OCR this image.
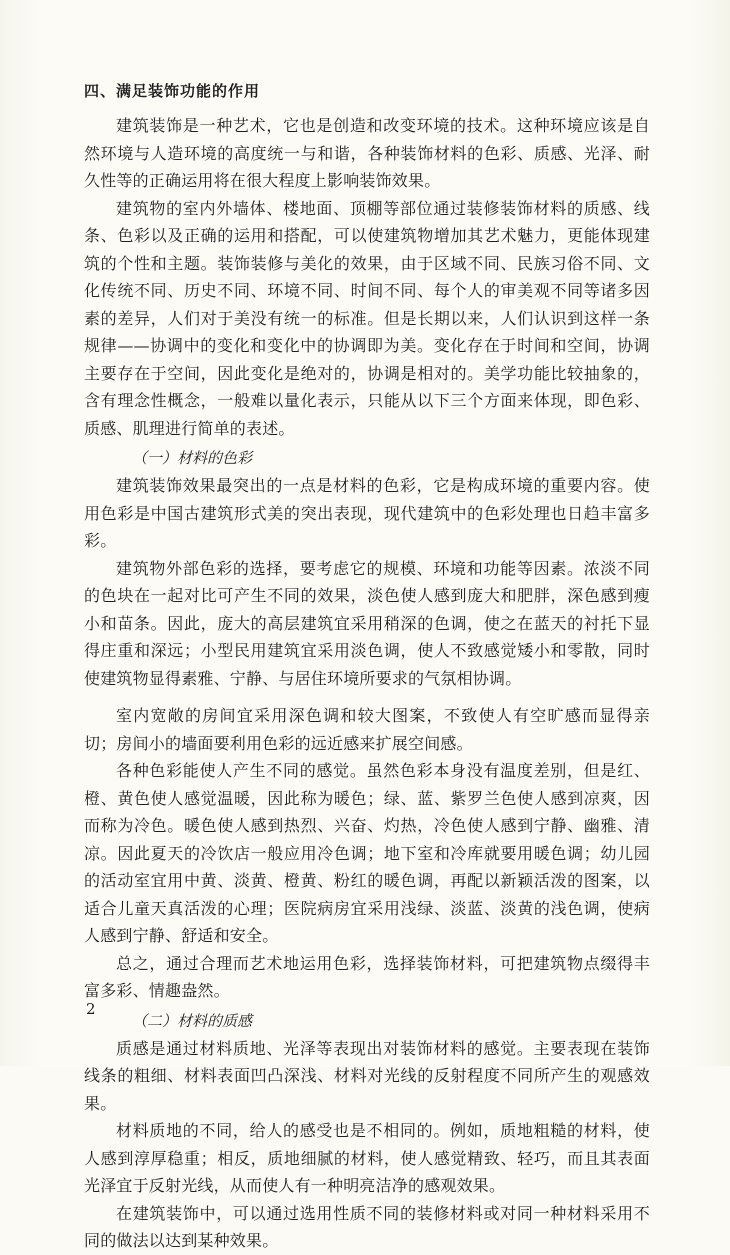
四、满足装饰功能的作用

建筑装饰是一种艺术，它也是创造和改变环境的技术。这种环境应该是自然环境与人造环境的高度统一与和谐，各种装饰材料的色彩、质感、光泽、耐久性等的正确运用将在很大程度上影响装饰效果。

建筑物的室内外墙体、楼地面、顶棚等部位通过装修装饰材料的质感、线条、色彩以及正确的运用和搭配，可以使建筑物增加其艺术魅力，更能体现建筑的个性和主题。装饰装修与美化的效果，由于区域不同、民族习俗不同、文化传统不同、历史不同、环境不同、时间不同、每个人的审美观不同等诸多因素的差异，人们对于美没有统一的标准。但是长期以来，人们认识到这样一条规律——协调中的变化和变化中的协调即为美。变化存在于时间和空间，协调主要存在于空间，因此变化是绝对的，协调是相对的。美学功能比较抽象的，含有理念性概念，一般难以量化表示，只能从以下三个方面来体现，即色彩、质感、肌理进行简单的表述。

（一）材料的色彩

建筑装饰效果最突出的一点是材料的色彩，它是构成环境的重要内容。使用色彩是中国古建筑形式美的突出表现，现代建筑中的色彩处理也日趋丰富多彩。

建筑物外部色彩的选择，要考虑它的规模、环境和功能等因素。浓淡不同的色块在一起对比可产生不同的效果，淡色使人感到庞大和肥胖，深色感到瘦小和苗条。因此，庞大的高层建筑宜采用稍深的色调，使之在蓝天的衬托下显得庄重和深远；小型民用建筑宜采用淡色调，使人不致感觉矮小和零散，同时使建筑物显得素雅、宁静、与居住环境所要求的气氛相协调。

室内宽敞的房间宜采用深色调和较大图案，不致使人有空旷感而显得亲切；房间小的墙面要利用色彩的远近感来扩展空间感。

各种色彩能使人产生不同的感觉。虽然色彩本身没有温度差别，但是红、橙、黄色使人感觉温暖，因此称为暖色；绿、蓝、紫罗兰色使人感到凉爽，因而称为冷色。暖色使人感到热烈、兴奋、灼热，冷色使人感到宁静、幽雅、清凉。因此夏天的冷饮店一般应用冷色调；地下室和冷库就要用暖色调；幼儿园的活动室宜用中黄、淡黄、橙黄、粉红的暖色调，再配以新颖活泼的图案，以适合儿童天真活泼的心理；医院病房宜采用浅绿、淡蓝、淡黄的浅色调，使病人感到宁静、舒适和安全。

总之，通过合理而艺术地运用色彩，选择装饰材料，可把建筑物点缀得丰富多彩、情趣盎然。

（二）材料的质感

质感是通过材料质地、光泽等表现出对装饰材料的感觉。主要表现在装饰线条的粗细、材料表面凹凸深浅、材料对光线的反射程度不同所产生的观感效果。

材料质地的不同，给人的感受也是不相同的。例如，质地粗糙的材料，使人感到淳厚稳重；相反，质地细腻的材料，使人感觉精致、轻巧，而且其表面光泽宜于反射光线，从而使人有一种明亮洁净的感观效果。

在建筑装饰中，可以通过选用性质不同的装修材料或对同一种材料采用不同的做法以达到某种效果。

2
